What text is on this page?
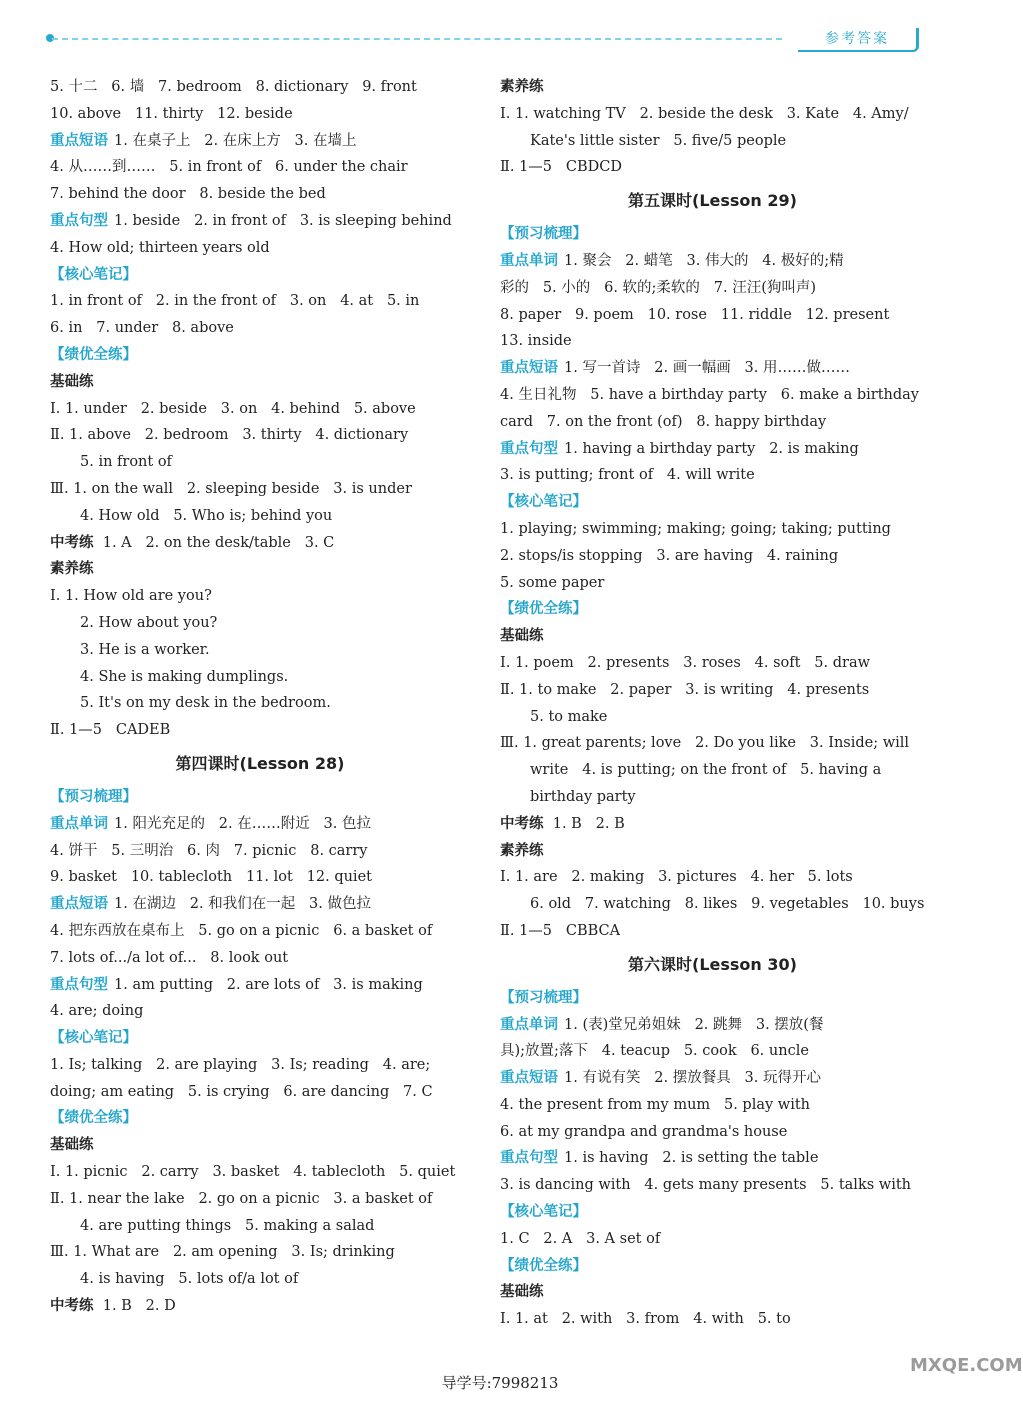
参考答案
5. 十二   6. 墙   7. bedroom   8. dictionary   9. front
10. above   11. thirty   12. beside
重点短语 1. 在桌子上   2. 在床上方   3. 在墙上
4. 从……到……   5. in front of   6. under the chair
7. behind the door   8. beside the bed
重点句型 1. beside   2. in front of   3. is sleeping behind
4. How old; thirteen years old
【核心笔记】
1. in front of   2. in the front of   3. on   4. at   5. in
6. in   7. under   8. above
【绩优全练】
基础练
Ⅰ. 1. under   2. beside   3. on   4. behind   5. above
Ⅱ. 1. above   2. bedroom   3. thirty   4. dictionary
5. in front of
Ⅲ. 1. on the wall   2. sleeping beside   3. is under
4. How old   5. Who is; behind you
中考练 1. A   2. on the desk/table   3. C
素养练
Ⅰ. 1. How old are you?
2. How about you?
3. He is a worker.
4. She is making dumplings.
5. It's on my desk in the bedroom.
Ⅱ. 1—5   CADEB
第四课时(Lesson 28)
【预习梳理】
重点单词 1. 阳光充足的   2. 在……附近   3. 色拉
4. 饼干   5. 三明治   6. 肉   7. picnic   8. carry
9. basket   10. tablecloth   11. lot   12. quiet
重点短语 1. 在湖边   2. 和我们在一起   3. 做色拉
4. 把东西放在桌布上   5. go on a picnic   6. a basket of
7. lots of.../a lot of...   8. look out
重点句型 1. am putting   2. are lots of   3. is making
4. are; doing
【核心笔记】
1. Is; talking   2. are playing   3. Is; reading   4. are;
doing; am eating   5. is crying   6. are dancing   7. C
【绩优全练】
基础练
Ⅰ. 1. picnic   2. carry   3. basket   4. tablecloth   5. quiet
Ⅱ. 1. near the lake   2. go on a picnic   3. a basket of
4. are putting things   5. making a salad
Ⅲ. 1. What are   2. am opening   3. Is; drinking
4. is having   5. lots of/a lot of
中考练 1. B   2. D
素养练
Ⅰ. 1. watching TV   2. beside the desk   3. Kate   4. Amy/
Kate's little sister   5. five/5 people
Ⅱ. 1—5   CBDCD
第五课时(Lesson 29)
【预习梳理】
重点单词 1. 聚会   2. 蜡笔   3. 伟大的   4. 极好的;精
彩的   5. 小的   6. 软的;柔软的   7. 汪汪(狗叫声)
8. paper   9. poem   10. rose   11. riddle   12. present
13. inside
重点短语 1. 写一首诗   2. 画一幅画   3. 用……做……
4. 生日礼物   5. have a birthday party   6. make a birthday
card   7. on the front (of)   8. happy birthday
重点句型 1. having a birthday party   2. is making
3. is putting; front of   4. will write
【核心笔记】
1. playing; swimming; making; going; taking; putting
2. stops/is stopping   3. are having   4. raining
5. some paper
【绩优全练】
基础练
Ⅰ. 1. poem   2. presents   3. roses   4. soft   5. draw
Ⅱ. 1. to make   2. paper   3. is writing   4. presents
5. to make
Ⅲ. 1. great parents; love   2. Do you like   3. Inside; will
write   4. is putting; on the front of   5. having a
birthday party
中考练 1. B   2. B
素养练
Ⅰ. 1. are   2. making   3. pictures   4. her   5. lots
6. old   7. watching   8. likes   9. vegetables   10. buys
Ⅱ. 1—5   CBBCA
第六课时(Lesson 30)
【预习梳理】
重点单词 1. (表)堂兄弟姐妹   2. 跳舞   3. 摆放(餐
具);放置;落下   4. teacup   5. cook   6. uncle
重点短语 1. 有说有笑   2. 摆放餐具   3. 玩得开心
4. the present from my mum   5. play with
6. at my grandpa and grandma's house
重点句型 1. is having   2. is setting the table
3. is dancing with   4. gets many presents   5. talks with
【核心笔记】
1. C   2. A   3. A set of
【绩优全练】
基础练
Ⅰ. 1. at   2. with   3. from   4. with   5. to
导学号:7998213
MXQE.COM
